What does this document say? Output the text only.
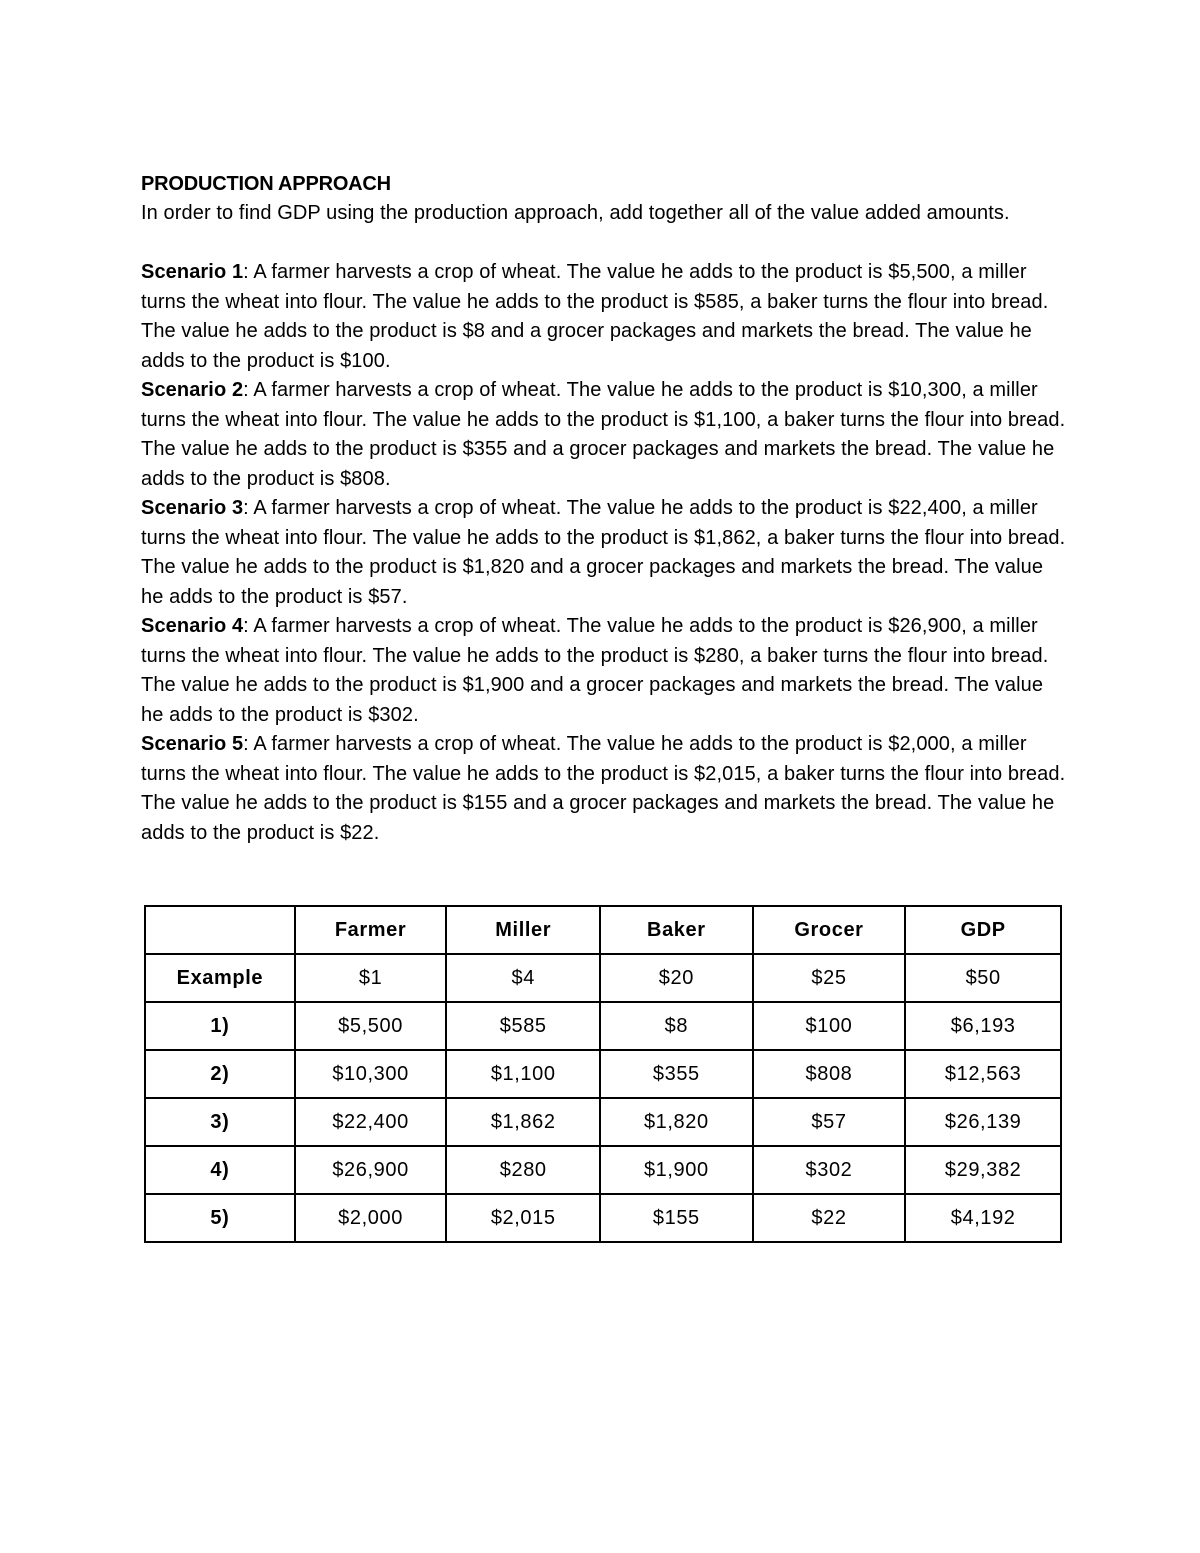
PRODUCTION APPROACH

In order to find GDP using the production approach, add together all of the value added amounts.

Scenario 1: A farmer harvests a crop of wheat. The value he adds to the product is $5,500, a miller turns the wheat into flour. The value he adds to the product is $585, a baker turns the flour into bread. The value he adds to the product is $8 and a grocer packages and markets the bread. The value he adds to the product is $100.

Scenario 2: A farmer harvests a crop of wheat. The value he adds to the product is $10,300, a miller turns the wheat into flour. The value he adds to the product is $1,100, a baker turns the flour into bread. The value he adds to the product is $355 and a grocer packages and markets the bread. The value he adds to the product is $808.

Scenario 3: A farmer harvests a crop of wheat. The value he adds to the product is $22,400, a miller turns the wheat into flour. The value he adds to the product is $1,862, a baker turns the flour into bread. The value he adds to the product is $1,820 and a grocer packages and markets the bread. The value he adds to the product is $57.

Scenario 4: A farmer harvests a crop of wheat. The value he adds to the product is $26,900, a miller turns the wheat into flour. The value he adds to the product is $280, a baker turns the flour into bread. The value he adds to the product is $1,900 and a grocer packages and markets the bread. The value he adds to the product is $302.

Scenario 5: A farmer harvests a crop of wheat. The value he adds to the product is $2,000, a miller turns the wheat into flour. The value he adds to the product is $2,015, a baker turns the flour into bread. The value he adds to the product is $155 and a grocer packages and markets the bread. The value he adds to the product is $22.

	Farmer	Miller	Baker	Grocer	GDP
Example	$1	$4	$20	$25	$50
1)	$5,500	$585	$8	$100	$6,193
2)	$10,300	$1,100	$355	$808	$12,563
3)	$22,400	$1,862	$1,820	$57	$26,139
4)	$26,900	$280	$1,900	$302	$29,382
5)	$2,000	$2,015	$155	$22	$4,192
